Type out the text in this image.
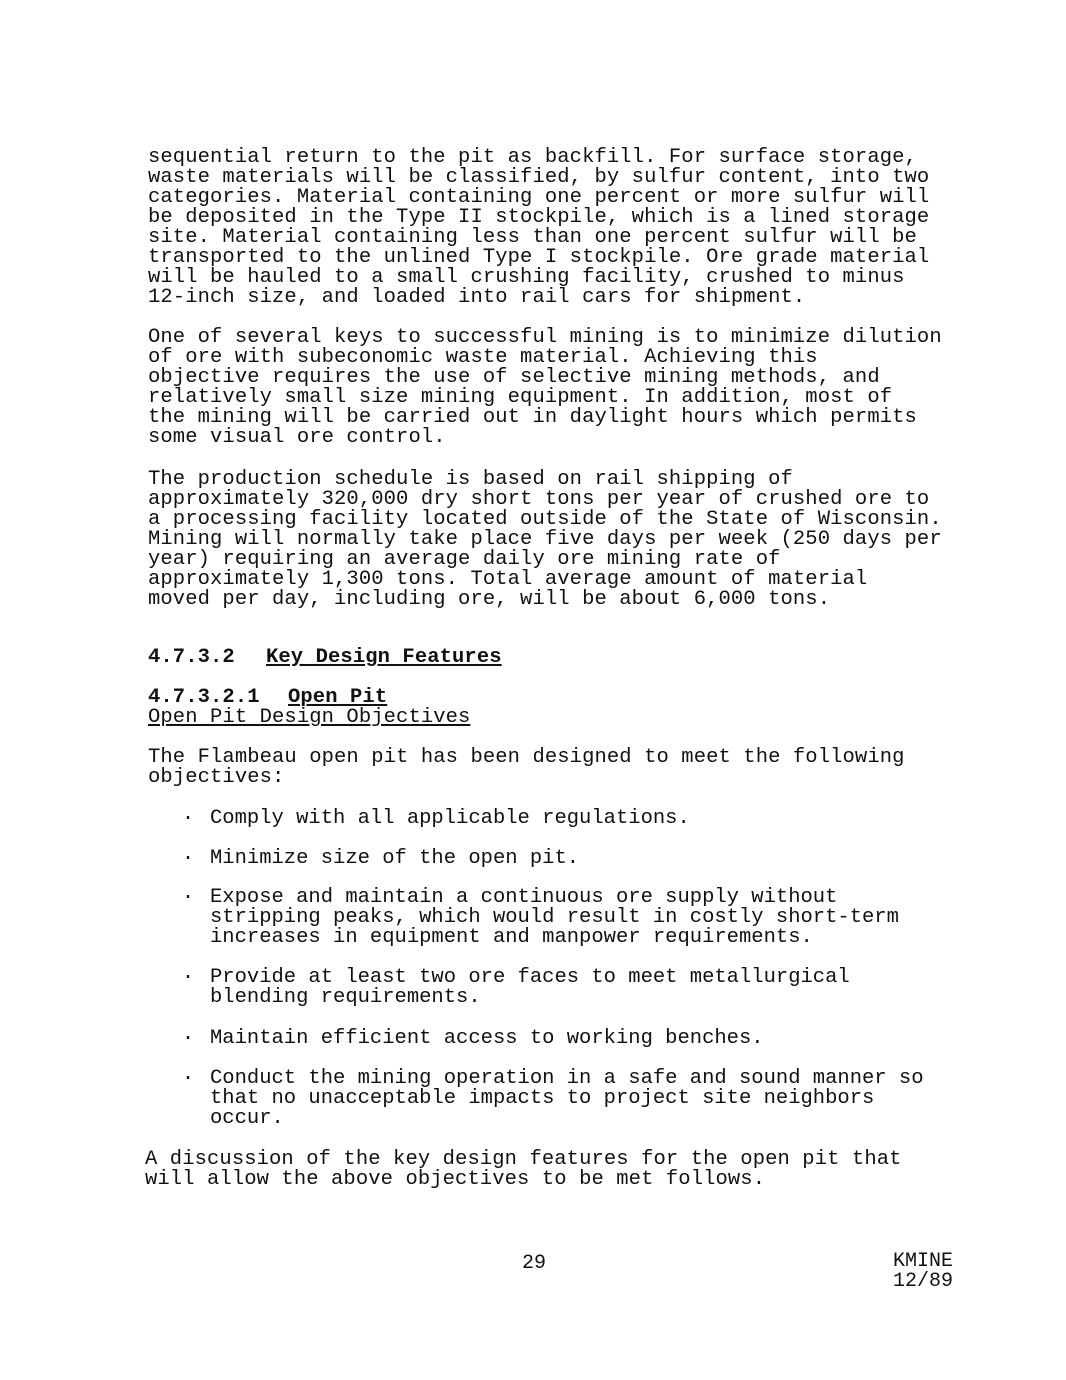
sequential return to the pit as backfill. For surface storage,
waste materials will be classified, by sulfur content, into two
categories. Material containing one percent or more sulfur will
be deposited in the Type II stockpile, which is a lined storage
site. Material containing less than one percent sulfur will be
transported to the unlined Type I stockpile. Ore grade material
will be hauled to a small crushing facility, crushed to minus
12-inch size, and loaded into rail cars for shipment.

One of several keys to successful mining is to minimize dilution
of ore with subeconomic waste material. Achieving this
objective requires the use of selective mining methods, and
relatively small size mining equipment. In addition, most of
the mining will be carried out in daylight hours which permits
some visual ore control.

The production schedule is based on rail shipping of
approximately 320,000 dry short tons per year of crushed ore to
a processing facility located outside of the State of Wisconsin.
Mining will normally take place five days per week (250 days per
year) requiring an average daily ore mining rate of
approximately 1,300 tons. Total average amount of material
moved per day, including ore, will be about 6,000 tons.

4.7.3.2 Key Design Features

4.7.3.2.1 Open Pit

Open Pit Design Objectives

The Flambeau open pit has been designed to meet the following
objectives:

· Comply with all applicable regulations.
· Minimize size of the open pit.
· Expose and maintain a continuous ore supply without
stripping peaks, which would result in costly short-term
increases in equipment and manpower requirements.
· Provide at least two ore faces to meet metallurgical
blending requirements.
· Maintain efficient access to working benches.
· Conduct the mining operation in a safe and sound manner so
that no unacceptable impacts to project site neighbors
occur.

A discussion of the key design features for the open pit that
will allow the above objectives to be met follows.

29	KMINE
12/89
